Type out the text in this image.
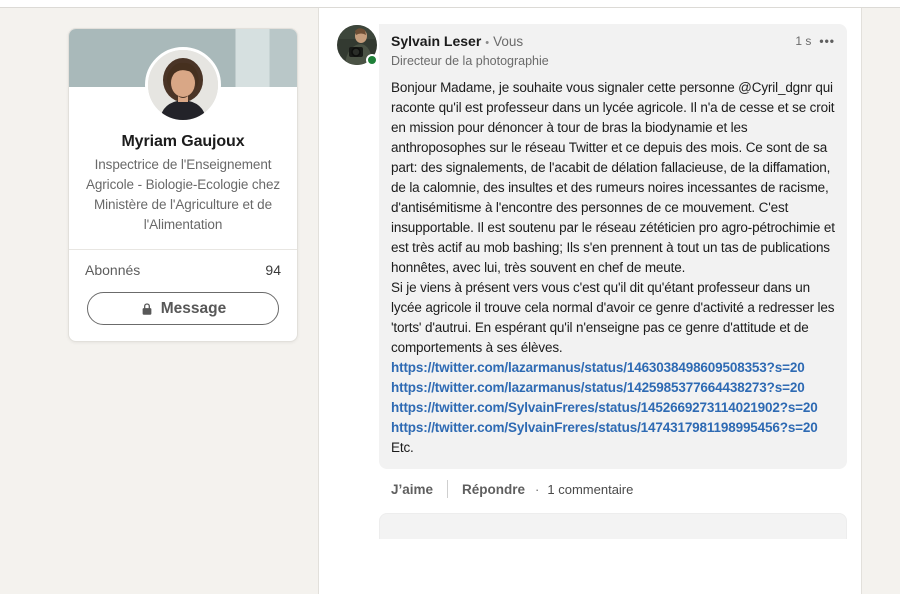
Myriam Gaujoux

Inspectrice de l'Enseignement Agricole - Biologie-Ecologie chez Ministère de l'Agriculture et de l'Alimentation

Abonnés	94
Message
Sylvain Leser • Vous
Directeur de la photographie
1 s •••

Bonjour Madame, je souhaite vous signaler cette personne @Cyril_dgnr qui raconte qu'il est professeur dans un lycée agricole. Il n'a de cesse et se croit en mission pour dénoncer à tour de bras la biodynamie et les anthroposophes sur le réseau Twitter et ce depuis des mois. Ce sont de sa part: des signalements, de l'acabit de délation fallacieuse, de la diffamation, de la calomnie, des insultes et des rumeurs noires incessantes de racisme, d'antisémitisme à l'encontre des personnes de ce mouvement. C'est insupportable. Il est soutenu par le réseau zététicien pro agro-pétrochimie et est très actif au mob bashing; Ils s'en prennent à tout un tas de publications honnêtes, avec lui, très souvent en chef de meute.

Si je viens à présent vers vous c'est qu'il dit qu'étant professeur dans un lycée agricole il trouve cela normal d'avoir ce genre d'activité a redresser les 'torts' d'autrui. En espérant qu'il n'enseigne pas ce genre d'attitude et de comportements à ses élèves.

https://twitter.com/lazarmanus/status/1463038498609508353?s=20
https://twitter.com/lazarmanus/status/1425985377664438273?s=20
https://twitter.com/SylvainFreres/status/1452669273114021902?s=20
https://twitter.com/SylvainFreres/status/1474317981198995456?s=20

Etc.

J’aime Répondre · 1 commentaire
